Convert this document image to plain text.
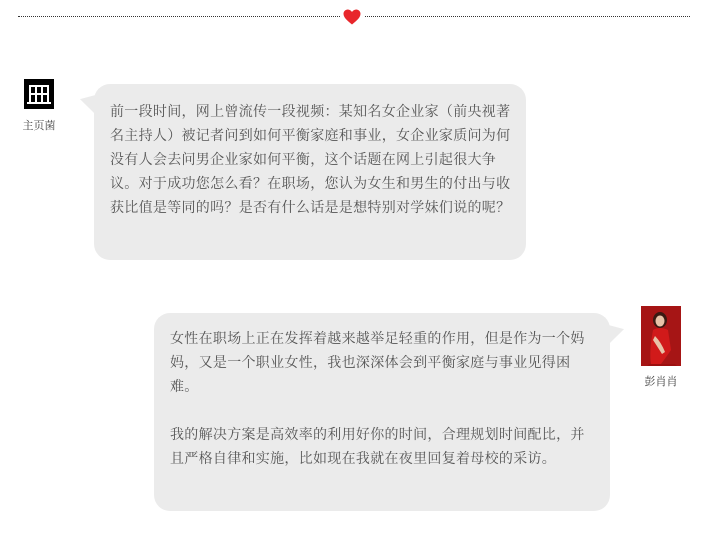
主页菌

前一段时间，网上曾流传一段视频：某知名女企业家（前央视著名主持人）被记者问到如何平衡家庭和事业，女企业家质问为何没有人会去问男企业家如何平衡，这个话题在网上引起很大争议。对于成功您怎么看？在职场，您认为女生和男生的付出与收获比值是等同的吗？是否有什么话是是想特别对学妹们说的呢？

彭肖肖

女性在职场上正在发挥着越来越举足轻重的作用，但是作为一个妈妈，又是一个职业女性，我也深深体会到平衡家庭与事业见得困难。

我的解决方案是高效率的利用好你的时间，合理规划时间配比，并且严格自律和实施，比如现在我就在夜里回复着母校的采访。
